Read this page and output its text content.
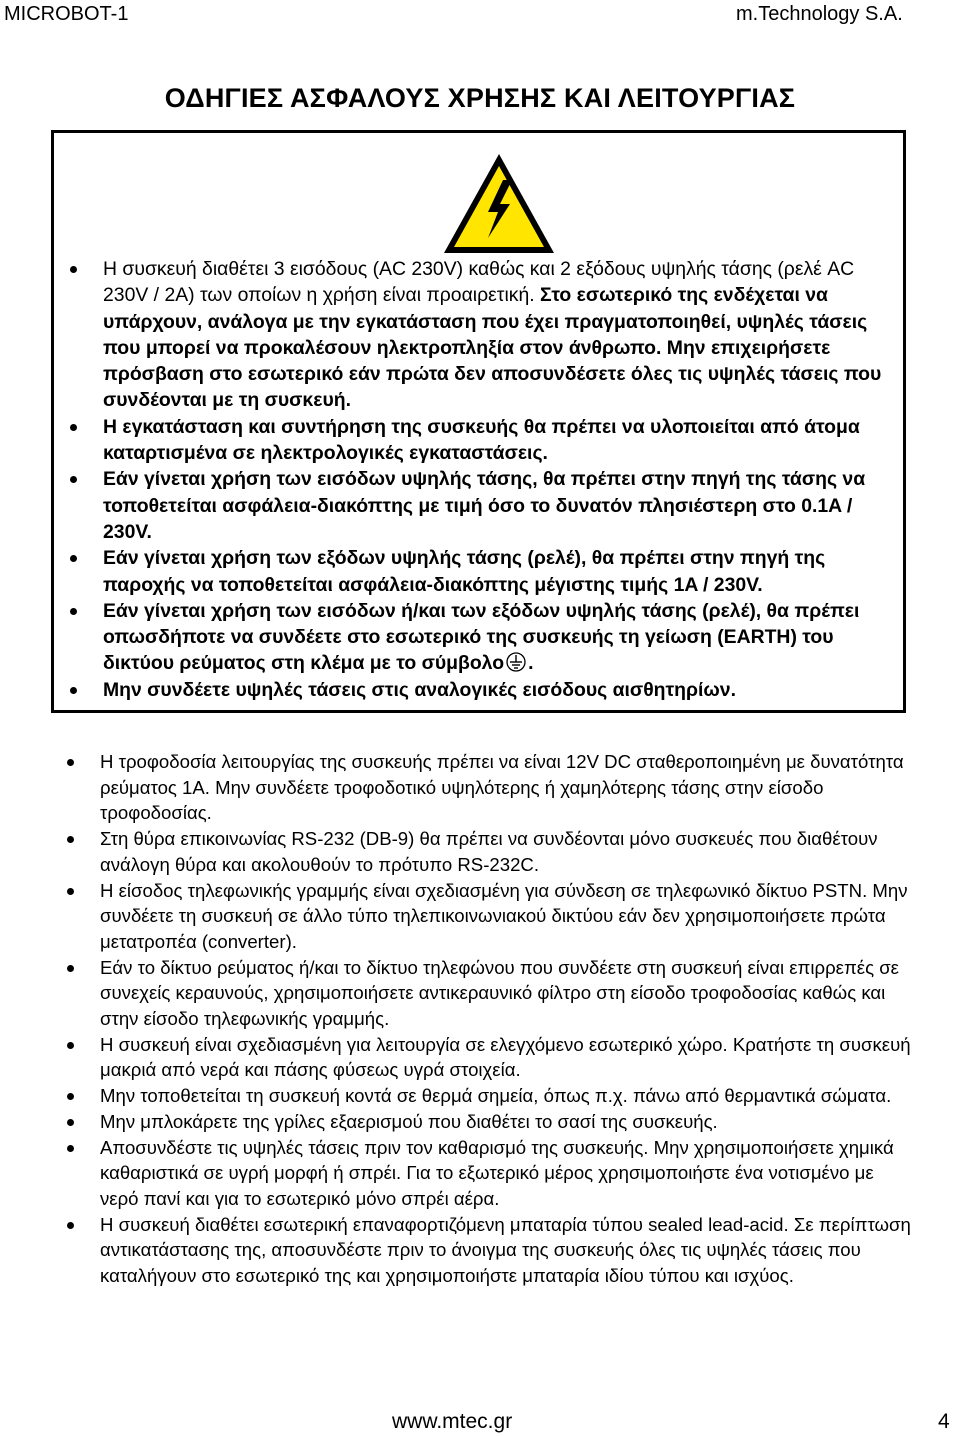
MICROBOT-1	m.Technology S.A.
ΟΔΗΓΙΕΣ ΑΣΦΑΛΟΥΣ ΧΡΗΣΗΣ ΚΑΙ ΛΕΙΤΟΥΡΓΙΑΣ
Η συσκευή διαθέτει 3 εισόδους (AC 230V) καθώς και 2 εξόδους υψηλής τάσης (ρελέ AC 230V / 2A) των οποίων η χρήση είναι προαιρετική. Στο εσωτερικό της ενδέχεται να υπάρχουν, ανάλογα με την εγκατάσταση που έχει πραγματοποιηθεί, υψηλές τάσεις που μπορεί να προκαλέσουν ηλεκτροπληξία στον άνθρωπο. Μην επιχειρήσετε πρόσβαση στο εσωτερικό εάν πρώτα δεν αποσυνδέσετε όλες τις υψηλές τάσεις που συνδέονται με τη συσκευή.
Η εγκατάσταση και συντήρηση της συσκευής θα πρέπει να υλοποιείται από άτομα καταρτισμένα σε ηλεκτρολογικές εγκαταστάσεις.
Εάν γίνεται χρήση των εισόδων υψηλής τάσης, θα πρέπει στην πηγή της τάσης να τοποθετείται ασφάλεια-διακόπτης με τιμή όσο το δυνατόν πλησιέστερη στο 0.1A / 230V.
Εάν γίνεται χρήση των εξόδων υψηλής τάσης (ρελέ), θα πρέπει στην πηγή της παροχής να τοποθετείται ασφάλεια-διακόπτης μέγιστης τιμής 1A / 230V.
Εάν γίνεται χρήση των εισόδων ή/και των εξόδων υψηλής τάσης (ρελέ), θα πρέπει οπωσδήποτε να συνδέετε στο εσωτερικό της συσκευής τη γείωση (EARTH) του δικτύου ρεύματος στη κλέμα με το σύμβολο .
Μην συνδέετε υψηλές τάσεις στις αναλογικές εισόδους αισθητηρίων.
Η τροφοδοσία λειτουργίας της συσκευής πρέπει να είναι 12V DC σταθεροποιημένη με δυνατότητα ρεύματος 1A. Μην συνδέετε τροφοδοτικό υψηλότερης ή χαμηλότερης τάσης στην είσοδο τροφοδοσίας.
Στη θύρα επικοινωνίας RS-232 (DB-9) θα πρέπει να συνδέονται μόνο συσκευές που διαθέτουν ανάλογη θύρα και ακολουθούν το πρότυπο RS-232C.
Η είσοδος τηλεφωνικής γραμμής είναι σχεδιασμένη για σύνδεση σε τηλεφωνικό δίκτυο PSTN. Μην συνδέετε τη συσκευή σε άλλο τύπο τηλεπικοινωνιακού δικτύου εάν δεν χρησιμοποιήσετε πρώτα μετατροπέα (converter).
Εάν το δίκτυο ρεύματος ή/και το δίκτυο τηλεφώνου που συνδέετε στη συσκευή είναι επιρρεπές σε συνεχείς κεραυνούς, χρησιμοποιήσετε αντικεραυνικό φίλτρο στη είσοδο τροφοδοσίας καθώς και στην είσοδο τηλεφωνικής γραμμής.
Η συσκευή είναι σχεδιασμένη για λειτουργία σε ελεγχόμενο εσωτερικό χώρο. Κρατήστε τη συσκευή μακριά από νερά και πάσης φύσεως υγρά στοιχεία.
Μην τοποθετείται τη συσκευή κοντά σε θερμά σημεία, όπως π.χ. πάνω από θερμαντικά σώματα.
Μην μπλοκάρετε της γρίλες εξαερισμού που διαθέτει το σασί της συσκευής.
Αποσυνδέστε τις υψηλές τάσεις πριν τον καθαρισμό της συσκευής. Μην χρησιμοποιήσετε χημικά καθαριστικά σε υγρή μορφή ή σπρέι. Για το εξωτερικό μέρος χρησιμοποιήστε ένα νοτισμένο με νερό πανί και για το εσωτερικό μόνο σπρέι αέρα.
Η συσκευή διαθέτει εσωτερική επαναφορτιζόμενη μπαταρία τύπου sealed lead-acid. Σε περίπτωση αντικατάστασης της, αποσυνδέστε πριν το άνοιγμα της συσκευής όλες τις υψηλές τάσεις που καταλήγουν στο εσωτερικό της και χρησιμοποιήστε μπαταρία ιδίου τύπου και ισχύος.
www.mtec.gr	4
